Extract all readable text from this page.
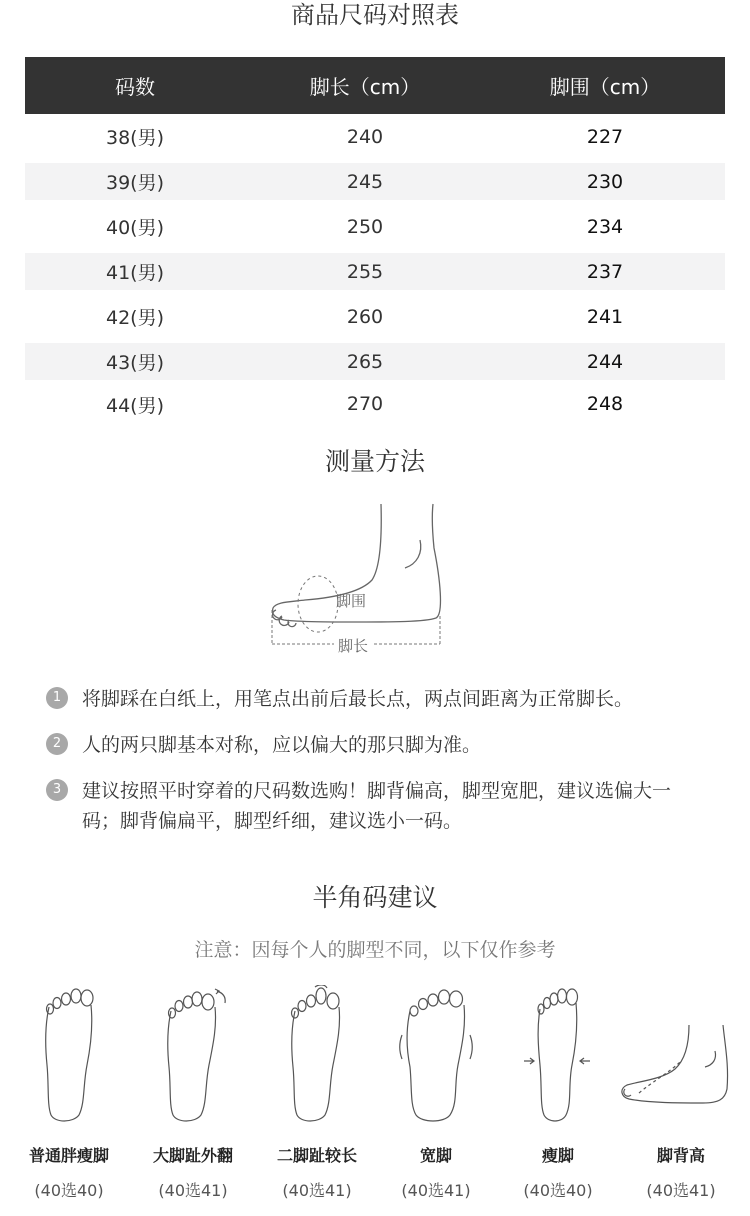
商品尺码对照表
码数	脚长（cm）	脚围（cm）
38(男)	240	227
39(男)	245	230
40(男)	250	234
41(男)	255	237
42(男)	260	241
43(男)	265	244
44(男)	270	248
测量方法
脚围
脚长
1	将脚踩在白纸上，用笔点出前后最长点，两点间距离为正常脚长。
2	人的两只脚基本对称，应以偏大的那只脚为准。
3	建议按照平时穿着的尺码数选购！脚背偏高，脚型宽肥，建议选偏大一码；脚背偏扁平，脚型纤细，建议选小一码。
半角码建议
注意：因每个人的脚型不同，以下仅作参考
普通胖瘦脚
(40选40)
大脚趾外翻
(40选41)
二脚趾较长
(40选41)
宽脚
(40选41)
瘦脚
(40选40)
脚背高
(40选41)
